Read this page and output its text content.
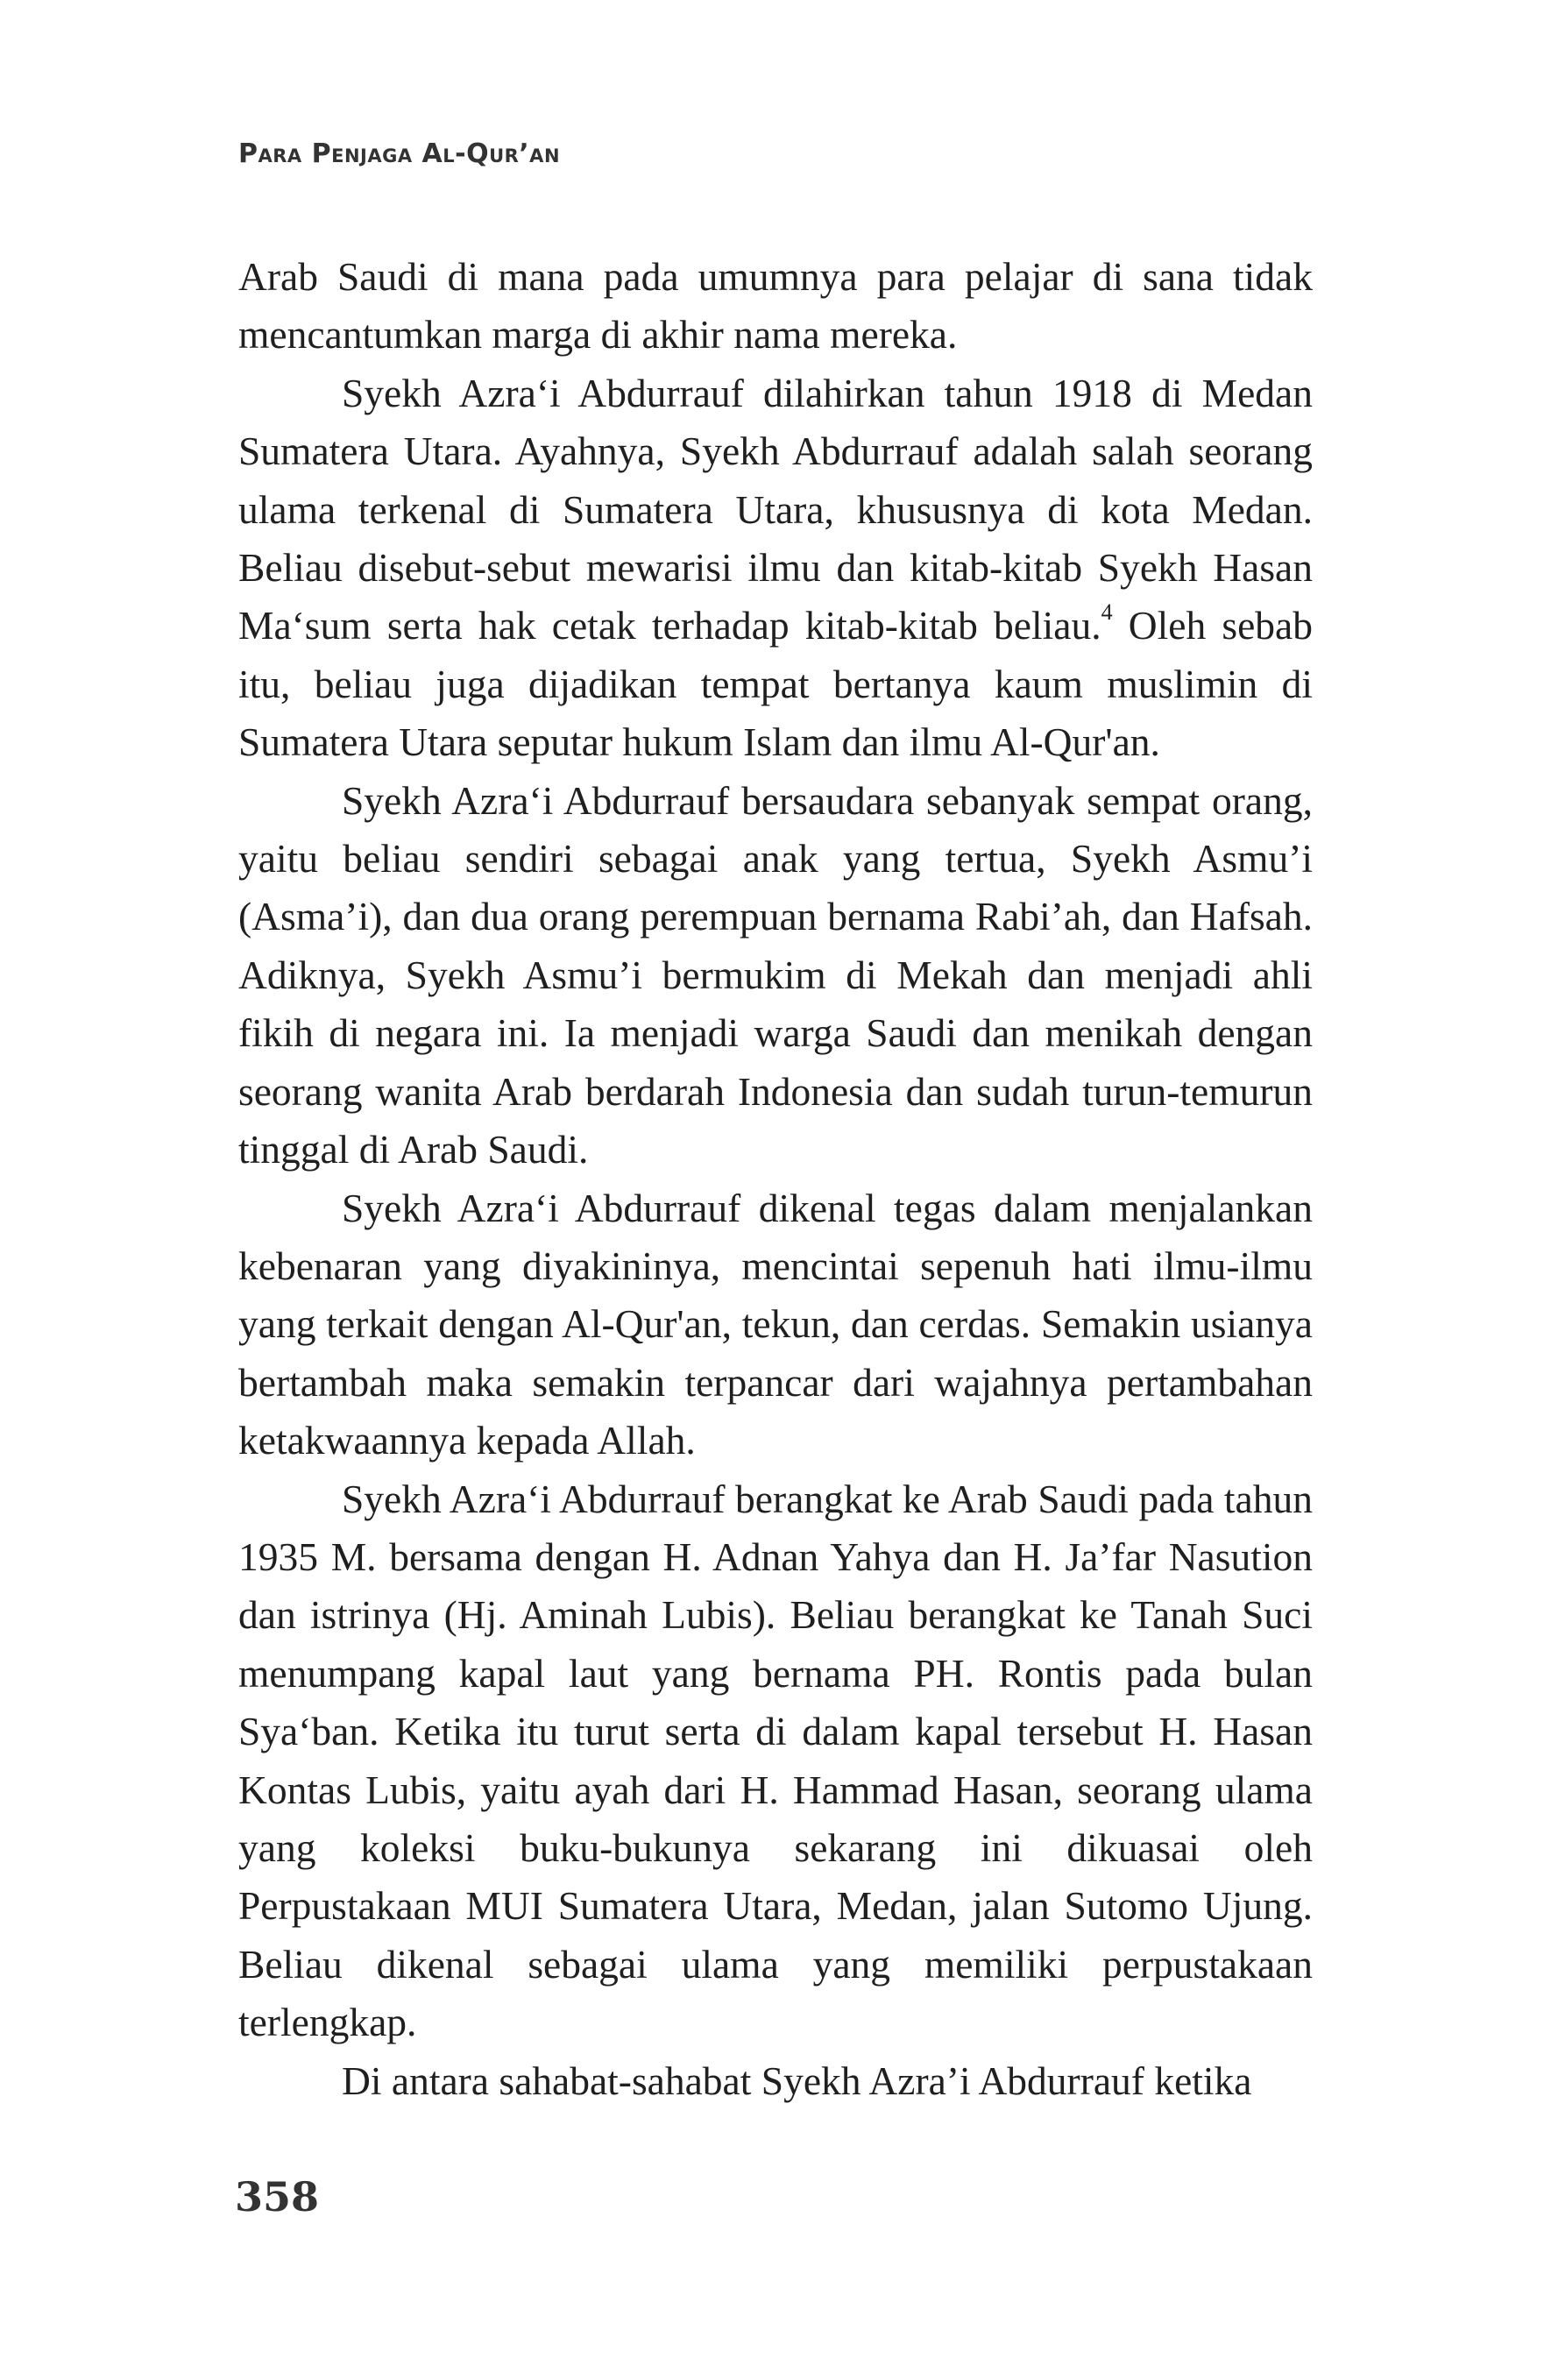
Para Penjaga Al-Qur’an

Arab Saudi di mana pada umumnya para pelajar di sana tidak mencantumkan marga di akhir nama mereka.

Syekh Azra‘i Abdurrauf dilahirkan tahun 1918 di Medan Sumatera Utara. Ayahnya, Syekh Abdurrauf adalah salah seorang ulama terkenal di Sumatera Utara, khususnya di kota Medan. Beliau disebut-sebut mewarisi ilmu dan kitab-kitab Syekh Hasan Ma‘sum serta hak cetak terhadap kitab-kitab beliau.$^4$ Oleh sebab itu, beliau juga dijadikan tempat bertanya kaum muslimin di Sumatera Utara seputar hukum Islam dan ilmu Al-Qur'an.

Syekh Azra‘i Abdurrauf bersaudara sebanyak sempat orang, yaitu beliau sendiri sebagai anak yang tertua, Syekh Asmu’i (Asma’i), dan dua orang perempuan bernama Rabi’ah, dan Hafsah. Adiknya, Syekh Asmu’i bermukim di Mekah dan menjadi ahli fikih di negara ini. Ia menjadi warga Saudi dan menikah dengan seorang wanita Arab berdarah Indonesia dan sudah turun-temurun tinggal di Arab Saudi.

Syekh Azra‘i Abdurrauf dikenal tegas dalam menjalankan kebenaran yang diyakininya, mencintai sepenuh hati ilmu-ilmu yang terkait dengan Al-Qur'an, tekun, dan cerdas. Semakin usianya bertambah maka semakin terpancar dari wajahnya pertambahan ketakwaannya kepada Allah.

Syekh Azra‘i Abdurrauf berangkat ke Arab Saudi pada tahun 1935 M. bersama dengan H. Adnan Yahya dan H. Ja’far Nasution dan istrinya (Hj. Aminah Lubis). Beliau berangkat ke Tanah Suci menumpang kapal laut yang bernama PH. Rontis pada bulan Sya‘ban. Ketika itu turut serta di dalam kapal tersebut H. Hasan Kontas Lubis, yaitu ayah dari H. Hammad Hasan, seorang ulama yang koleksi buku-bukunya sekarang ini dikuasai oleh Perpustakaan MUI Sumatera Utara, Medan, jalan Sutomo Ujung. Beliau dikenal sebagai ulama yang memiliki perpustakaan terlengkap.

Di antara sahabat-sahabat Syekh Azra’i Abdurrauf ketika

358
